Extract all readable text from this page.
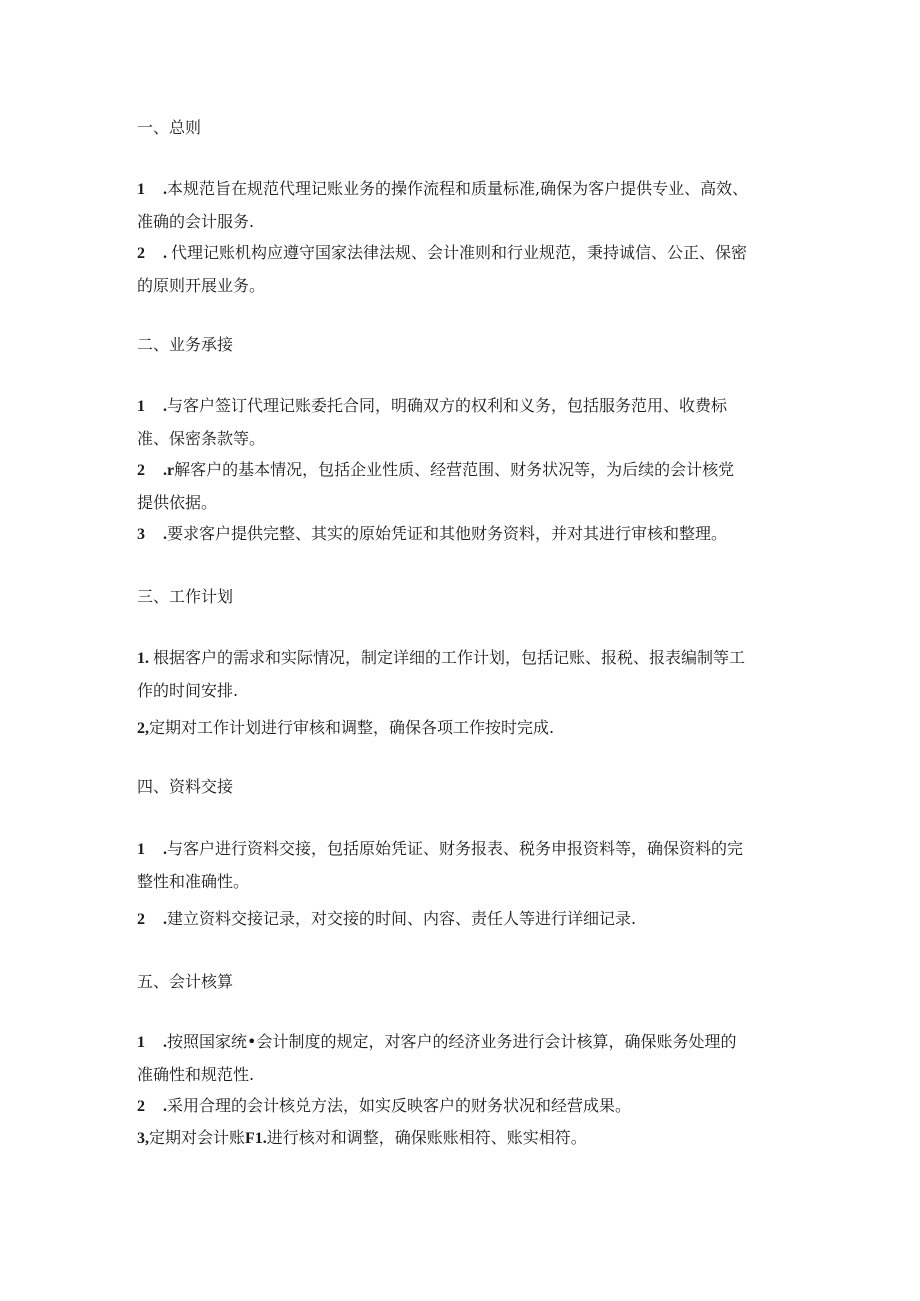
一、总则
1 .本规范旨在规范代理记账业务的操作流程和质量标准,确保为客户提供专业、高效、
准确的会计服务.
2 . 代理记账机构应遵守国家法律法规、会计准则和行业规范，秉持诚信、公正、保密
的原则开展业务。
二、业务承接
1 .与客户签订代理记账委托合同，明确双方的权利和义务，包括服务范用、收费标
准、保密条款等。
2 .r解客户的基本情况，包括企业性质、经营范围、财务状况等，为后续的会计核党
提供依据。
3 .要求客户提供完整、其实的原始凭证和其他财务资料，并对其进行审核和整理。
三、工作计划
1. 根据客户的需求和实际情况，制定详细的工作计划，包括记账、报税、报表编制等工
作的时间安排.
2,定期对工作计划进行审核和调整，确保各项工作按时完成.
四、资料交接
1 .与客户进行资料交接，包括原始凭证、财务报表、税务申报资料等，确保资料的完
整性和准确性。
2 .建立资料交接记录，对交接的时间、内容、责任人等进行详细记录.
五、会计核算
1 .按照国家统•会计制度的规定，对客户的经济业务进行会计核算，确保账务处理的
准确性和规范性.
2 .采用合理的会计核兑方法，如实反映客户的财务状况和经营成果。
3,定期对会计账F1.进行核对和调整，确保账账相符、账实相符。
